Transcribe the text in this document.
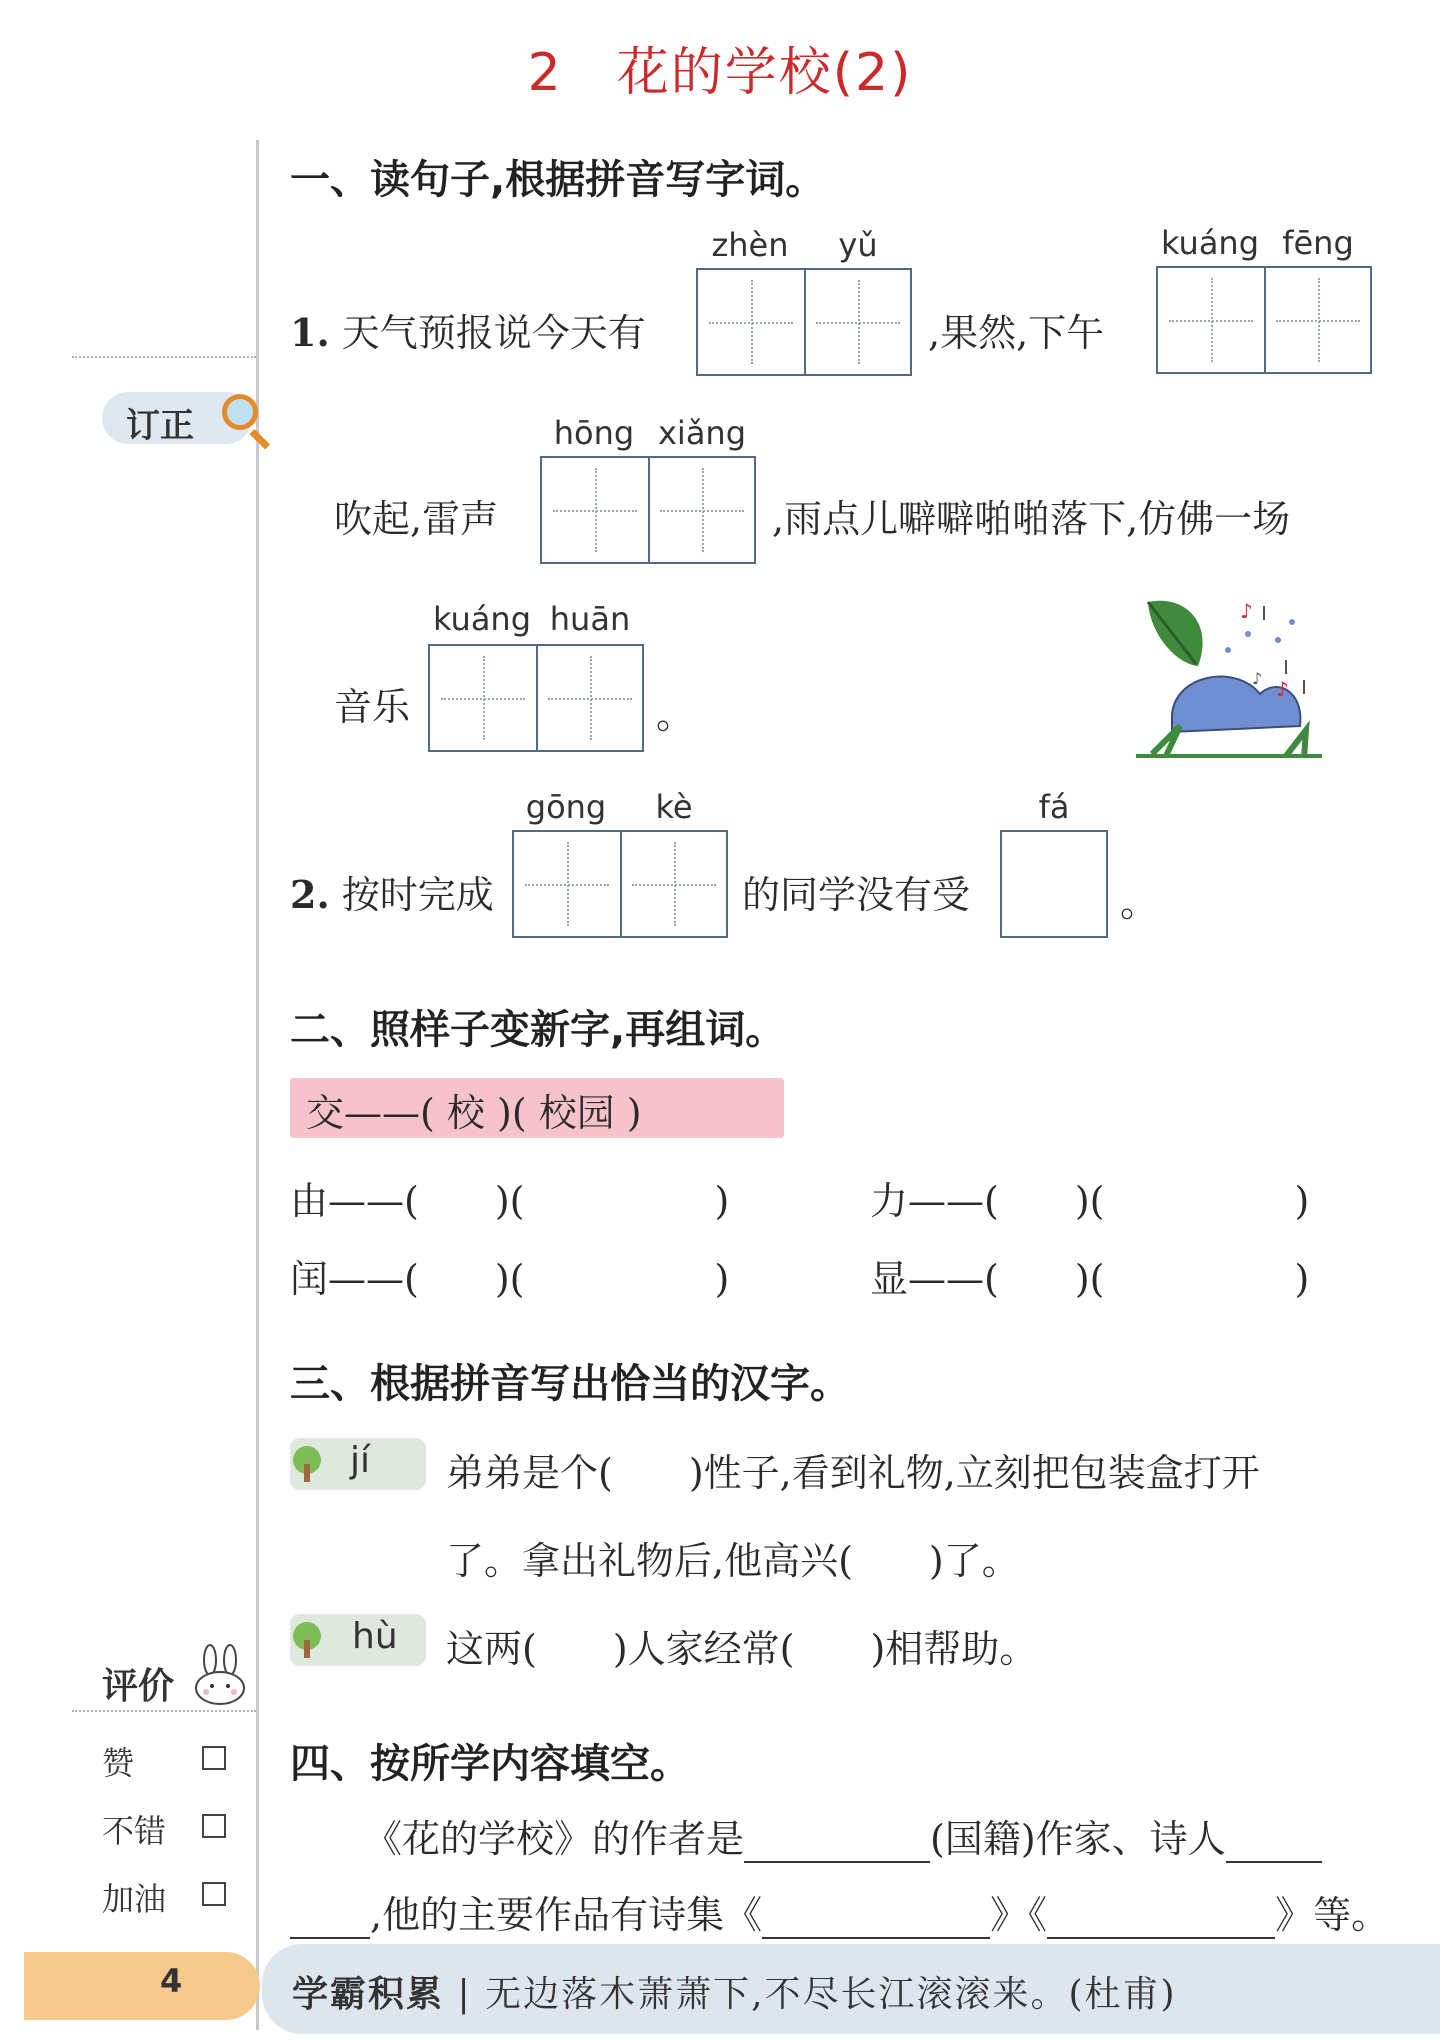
2　花的学校(2)
订正
评价
赞
不错
加油
4	学霸积累 | 无边落木萧萧下,不尽长江滚滚来。(杜甫)
一、读句子,根据拼音写字词。
zhèn	yǔ
1. 天气预报说今天有	,果然,下午
kuáng fēng
hōng xiǎng
吹起,雷声	,雨点儿噼噼啪啪落下,仿佛一场
kuáng huān
音乐	。
♪
♪
♪
gōng	kè
2. 按时完成	的同学没有受
fá
。
二、照样子变新字,再组词。
交——( 校 )( 校园 )
由——(　　)(　　　　　)	力——(　　)(　　　　　)
闰——(　　)(　　　　　)	显——(　　)(　　　　　)
三、根据拼音写出恰当的汉字。
jí 弟弟是个(　　)性子,看到礼物,立刻把包装盒打开
了。拿出礼物后,他高兴(　　)了。
hù 这两(　　)人家经常(　　)相帮助。
四、按所学内容填空。
《花的学校》的作者是	(国籍)作家、诗人
,他的主要作品有诗集《	》《	》等。
